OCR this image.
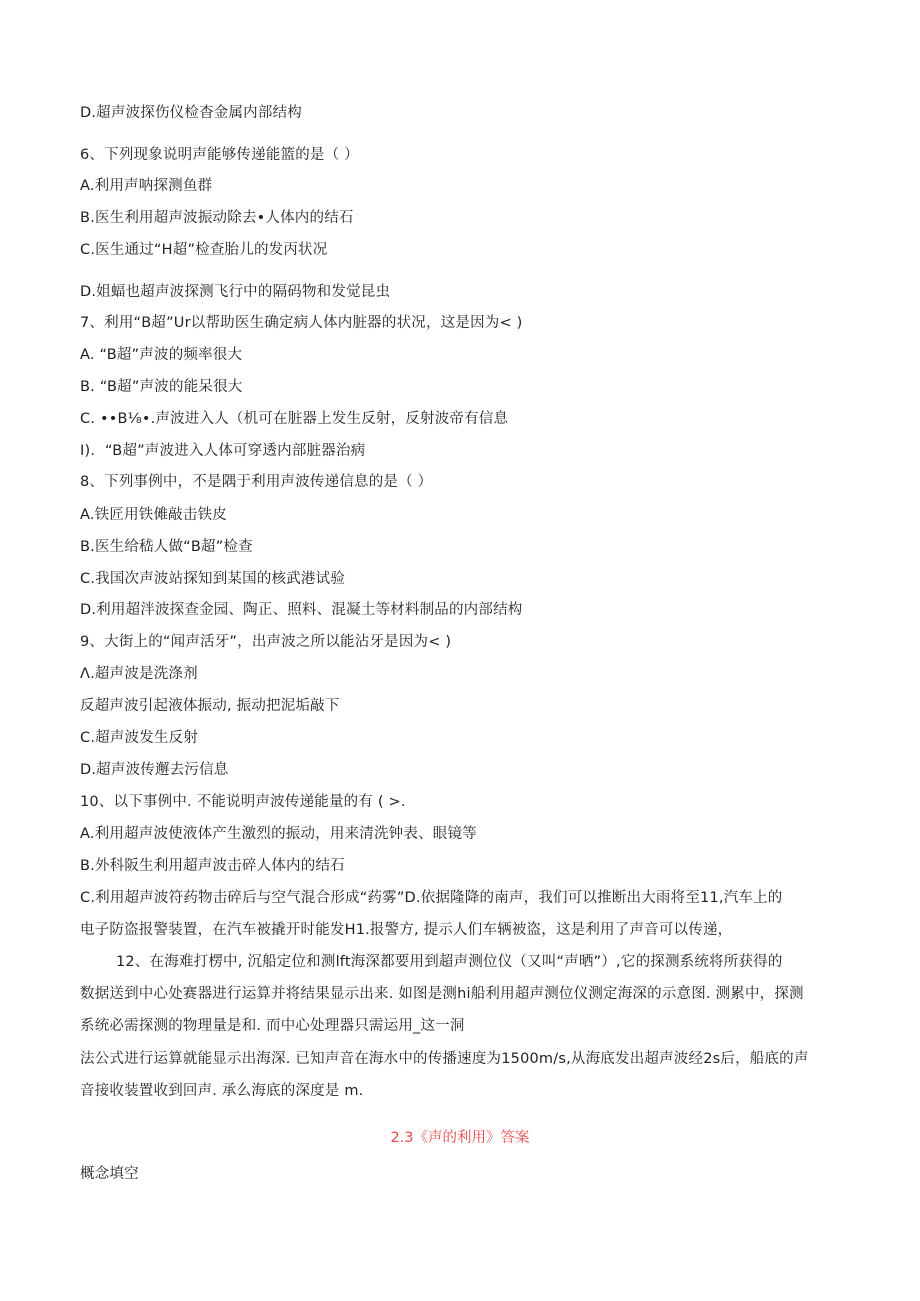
D.超声波探伤仪检杳金属内部结构
6、下列现象说明声能够传递能篮的是（ ）
A.利用声呐探测鱼群
B.医生利用超声波振动除去•人体内的结石
C.医生通过“H超”检查胎儿的发丙状况
D.姐蝠也超声波探测飞行中的隔码物和发觉昆虫
7、利用“B超”Ur以帮助医生确定病人体内脏器的状况，这是因为< )
A. “B超”声波的频率很大
B. “B超”声波的能呆很大
C. ••B⅛•.声波进入人（机可在脏器上发生反射，反射波帝有信息
I)．“B超”声波进入人体可穿透内部脏器治病
8、下列事例中，不是隅于利用声波传递信息的是（ ）
A.铁匠用铁傩敲击铁皮
B.医生给嵇人做“B超”检查
C.我国次声波站探知到某国的核武港试验
D.利用超泮波探查金园、陶正、照料、混凝土等材料制品的内部结构
9、大街上的“闻声活牙”，出声波之所以能沾牙是因为< )
Λ.超声波是洗涤剂
反超声波引起液体振动, 振动把泥垢敲下
C.超声波发生反射
D.超声波传邂去污信息
10、以下事例中. 不能说明声波传递能量的有 ( >.
A.利用超声波使液体产生激烈的振动，用来清洗钟表、眼镜等
B.外科阪生利用超声波击碎人体内的结石
C.利用超声波符药物击碎后与空气混合形成“药雾”D.依据隆降的南声，我们可以推断出大雨将至11,汽车上的
电子防盗报警装置，在汽车被撬开时能发H1.报警方, 提示人们车辆被盗，这是利用了声音可以传递，
12、在海难打楞中, 沉船定位和测lft海深都要用到超声测位仪（又叫“声晒”）,它的探测系统将所获得的
数据送到中心处赛器进行运算并将结果显示出来. 如图是测hi船利用超声测位仪测定海深的示意图. 测累中，探测
系统必需探测的物理量是和. 而中心处理器只需运用_这一洞
法公式进行运算就能显示出海深. 已知声音在海水中的传播速度为1500m/s,从海底发出超声波经2s后，船底的声
音接收装置收到回声. 承么海底的深度是 m.
2.3《声的利用》答案
概念填空
